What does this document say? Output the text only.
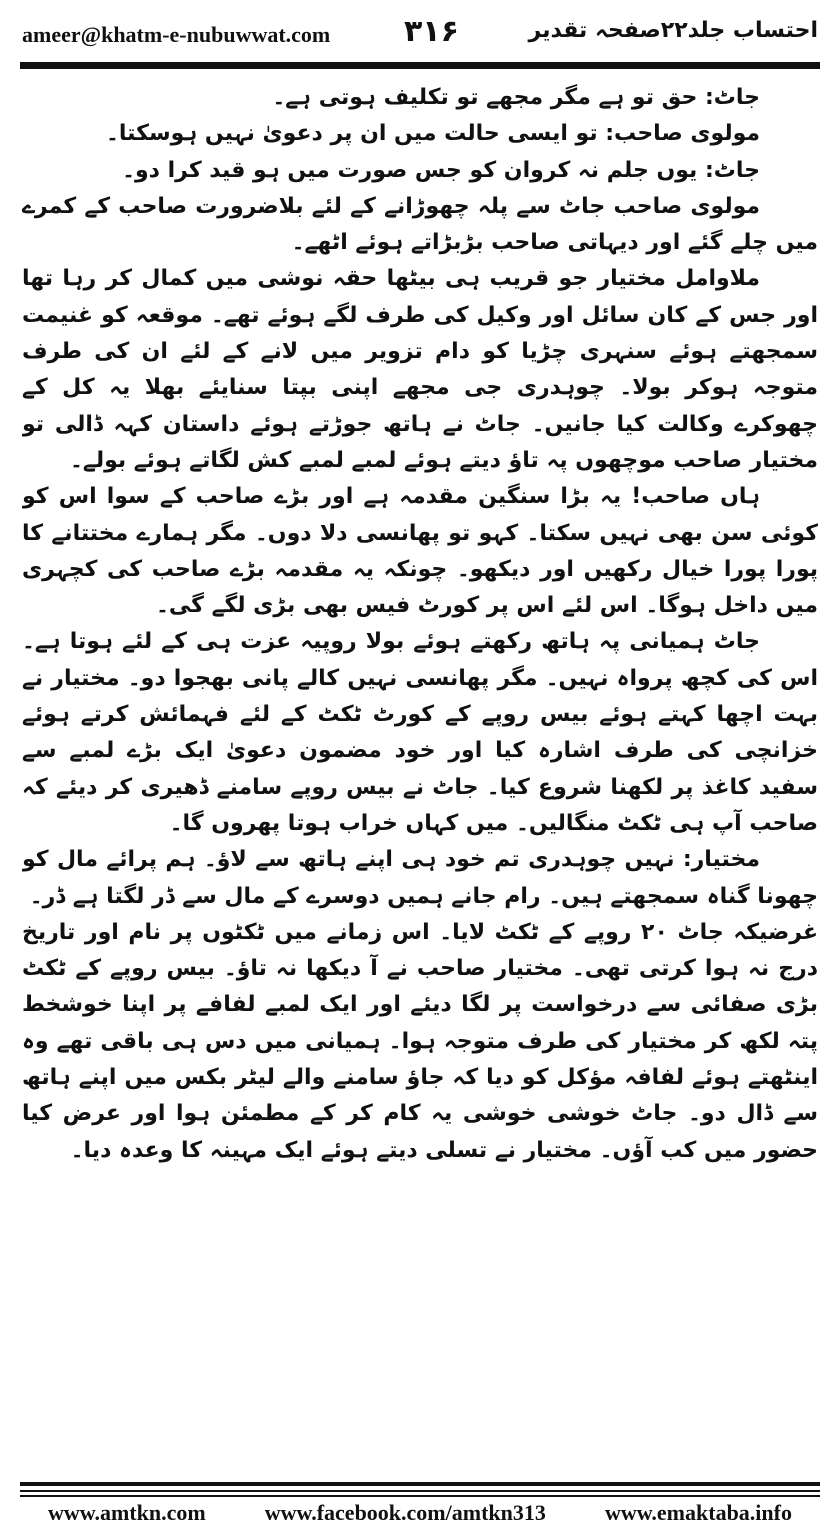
ameer@khatm-e-nubuwwat.com ۳۱۶	احتساب جلد۲۲صفحہ تقدیر

جاٹ: حق تو ہے مگر مجھے تو تکلیف ہوتی ہے۔

مولوی صاحب: تو ایسی حالت میں ان پر دعویٰ نہیں ہوسکتا۔

جاٹ: یوں جلم نہ کروان کو جس صورت میں ہو قید کرا دو۔

مولوی صاحب جاٹ سے پلہ چھوڑانے کے لئے بلاضرورت صاحب کے کمرے میں چلے گئے اور دیہاتی صاحب بڑبڑاتے ہوئے اٹھے۔

ملاوامل مختیار جو قریب ہی بیٹھا حقہ نوشی میں کمال کر رہا تھا اور جس کے کان سائل اور وکیل کی طرف لگے ہوئے تھے۔ موقعہ کو غنیمت سمجھتے ہوئے سنہری چڑیا کو دام تزویر میں لانے کے لئے ان کی طرف متوجہ ہوکر بولا۔ چوہدری جی مجھے اپنی بپتا سنایئے بھلا یہ کل کے چھوکرے وکالت کیا جانیں۔ جاٹ نے ہاتھ جوڑتے ہوئے داستان کہہ ڈالی تو مختیار صاحب موچھوں پہ تاؤ دیتے ہوئے لمبے لمبے کش لگاتے ہوئے بولے۔

ہاں صاحب! یہ بڑا سنگین مقدمہ ہے اور بڑے صاحب کے سوا اس کو کوئی سن بھی نہیں سکتا۔ کہو تو پھانسی دلا دوں۔ مگر ہمارے مختتانے کا پورا پورا خیال رکھیں اور دیکھو۔ چونکہ یہ مقدمہ بڑے صاحب کی کچہری میں داخل ہوگا۔ اس لئے اس پر کورٹ فیس بھی بڑی لگے گی۔

جاٹ ہمیانی پہ ہاتھ رکھتے ہوئے بولا روپیہ عزت ہی کے لئے ہوتا ہے۔ اس کی کچھ پرواہ نہیں۔ مگر پھانسی نہیں کالے پانی بھجوا دو۔ مختیار نے بہت اچھا کہتے ہوئے بیس روپے کے کورٹ ٹکٹ کے لئے فہمائش کرتے ہوئے خزانچی کی طرف اشارہ کیا اور خود مضمون دعویٰ ایک بڑے لمبے سے سفید کاغذ پر لکھنا شروع کیا۔ جاٹ نے بیس روپے سامنے ڈھیری کر دیئے کہ صاحب آپ ہی ٹکٹ منگالیں۔ میں کہاں خراب ہوتا پھروں گا۔

مختیار: نہیں چوہدری تم خود ہی اپنے ہاتھ سے لاؤ۔ ہم پرائے مال کو چھونا گناہ سمجھتے ہیں۔ رام جانے ہمیں دوسرے کے مال سے ڈر لگتا ہے ڈر۔

غرضیکہ جاٹ ۲۰ روپے کے ٹکٹ لایا۔ اس زمانے میں ٹکٹوں پر نام اور تاریخ درج نہ ہوا کرتی تھی۔ مختیار صاحب نے آ دیکھا نہ تاؤ۔ بیس روپے کے ٹکٹ بڑی صفائی سے درخواست پر لگا دیئے اور ایک لمبے لفافے پر اپنا خوشخط پتہ لکھ کر مختیار کی طرف متوجہ ہوا۔ ہمیانی میں دس ہی باقی تھے وہ اینٹھتے ہوئے لفافہ مؤکل کو دیا کہ جاؤ سامنے والے لیٹر بکس میں اپنے ہاتھ سے ڈال دو۔ جاٹ خوشی خوشی یہ کام کر کے مطمئن ہوا اور عرض کیا حضور میں کب آؤں۔ مختیار نے تسلی دیتے ہوئے ایک مہینہ کا وعدہ دیا۔

www.amtkn.com	www.facebook.com/amtkn313	www.emaktaba.info
